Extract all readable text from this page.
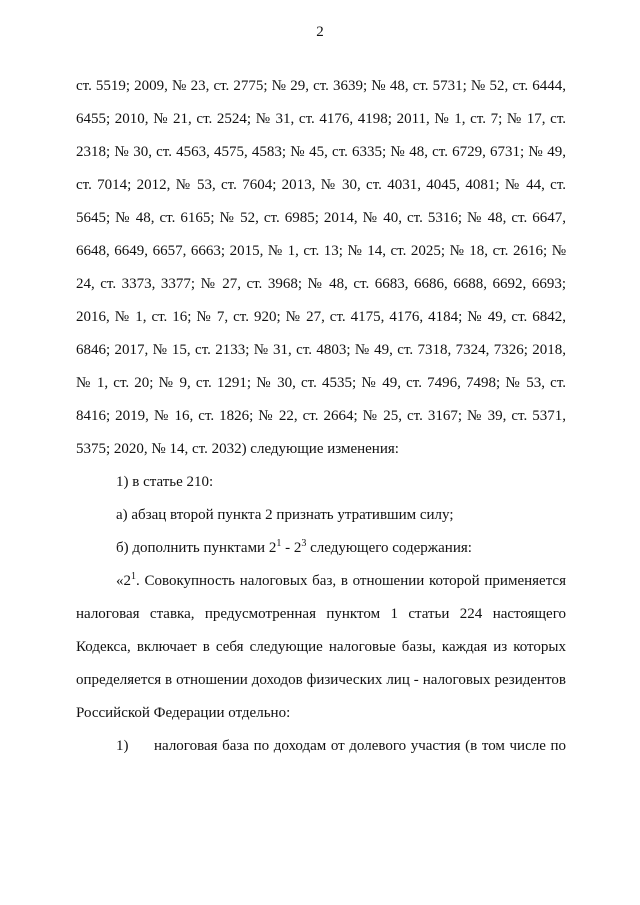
2

ст. 5519; 2009, № 23, ст. 2775; № 29, ст. 3639; № 48, ст. 5731; № 52, ст. 6444, 6455; 2010, № 21, ст. 2524; № 31, ст. 4176, 4198; 2011, № 1, ст. 7; № 17, ст. 2318; № 30, ст. 4563, 4575, 4583; № 45, ст. 6335; № 48, ст. 6729, 6731; № 49, ст. 7014; 2012, № 53, ст. 7604; 2013, № 30, ст. 4031, 4045, 4081; № 44, ст. 5645; № 48, ст. 6165; № 52, ст. 6985; 2014, № 40, ст. 5316; № 48, ст. 6647, 6648, 6649, 6657, 6663; 2015, № 1, ст. 13; № 14, ст. 2025; № 18, ст. 2616; № 24, ст. 3373, 3377; № 27, ст. 3968; № 48, ст. 6683, 6686, 6688, 6692, 6693; 2016, № 1, ст. 16; № 7, ст. 920; № 27, ст. 4175, 4176, 4184; № 49, ст. 6842, 6846; 2017, № 15, ст. 2133; № 31, ст. 4803; № 49, ст. 7318, 7324, 7326; 2018, № 1, ст. 20; № 9, ст. 1291; № 30, ст. 4535; № 49, ст. 7496, 7498; № 53, ст. 8416; 2019, № 16, ст. 1826; № 22, ст. 2664; № 25, ст. 3167; № 39, ст. 5371, 5375; 2020, № 14, ст. 2032) следующие изменения:

1) в статье 210:

а) абзац второй пункта 2 признать утратившим силу;

б) дополнить пунктами $2^1 - 2^3$ следующего содержания:

«$2^1$. Совокупность налоговых баз, в отношении которой применяется налоговая ставка, предусмотренная пунктом 1 статьи 224 настоящего Кодекса, включает в себя следующие налоговые базы, каждая из которых определяется в отношении доходов физических лиц - налоговых резидентов Российской Федерации отдельно:

1)	налоговая база по доходам от долевого участия (в том числе по
